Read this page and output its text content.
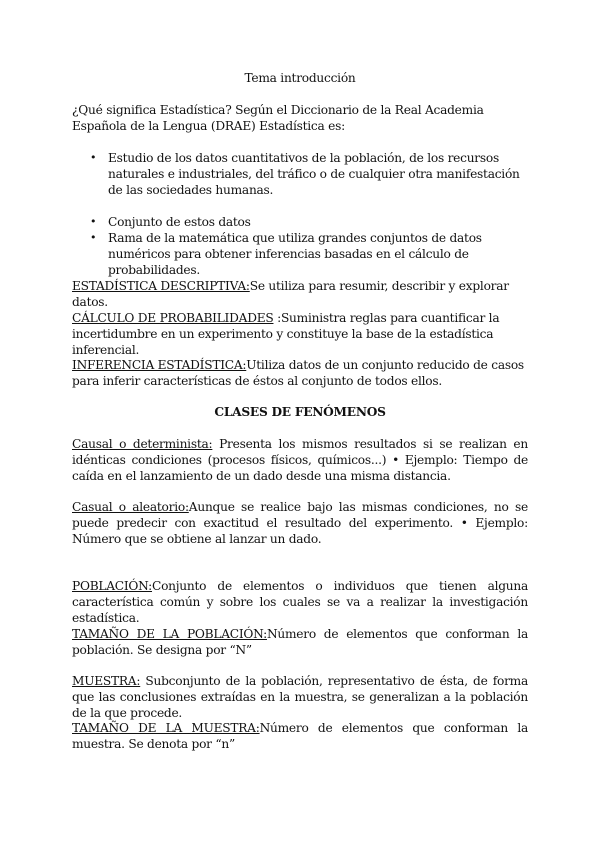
Tema introducción

¿Qué significa Estadística? Según el Diccionario de la Real Academia Española de la Lengua (DRAE) Estadística es:

• Estudio de los datos cuantitativos de la población, de los recursos naturales e industriales, del tráfico o de cualquier otra manifestación de las sociedades humanas.
• Conjunto de estos datos
• Rama de la matemática que utiliza grandes conjuntos de datos numéricos para obtener inferencias basadas en el cálculo de probabilidades.

ESTADÍSTICA DESCRIPTIVA:Se utiliza para resumir, describir y explorar datos.

CÁLCULO DE PROBABILIDADES :Suministra reglas para cuantificar la incertidumbre en un experimento y constituye la base de la estadística inferencial.

INFERENCIA ESTADÍSTICA:Utiliza datos de un conjunto reducido de casos para inferir características de éstos al conjunto de todos ellos.

CLASES DE FENÓMENOS

Causal o determinista: Presenta los mismos resultados si se realizan en idénticas condiciones (procesos físicos, químicos...) • Ejemplo: Tiempo de caída en el lanzamiento de un dado desde una misma distancia.

Casual o aleatorio:Aunque se realice bajo las mismas condiciones, no se puede predecir con exactitud el resultado del experimento. • Ejemplo: Número que se obtiene al lanzar un dado.

POBLACIÓN:Conjunto de elementos o individuos que tienen alguna característica común y sobre los cuales se va a realizar la investigación estadística.

TAMAÑO DE LA POBLACIÓN:Número de elementos que conforman la población. Se designa por “N”

MUESTRA: Subconjunto de la población, representativo de ésta, de forma que las conclusiones extraídas en la muestra, se generalizan a la población de la que procede.

TAMAÑO DE LA MUESTRA:Número de elementos que conforman la muestra. Se denota por “n”
